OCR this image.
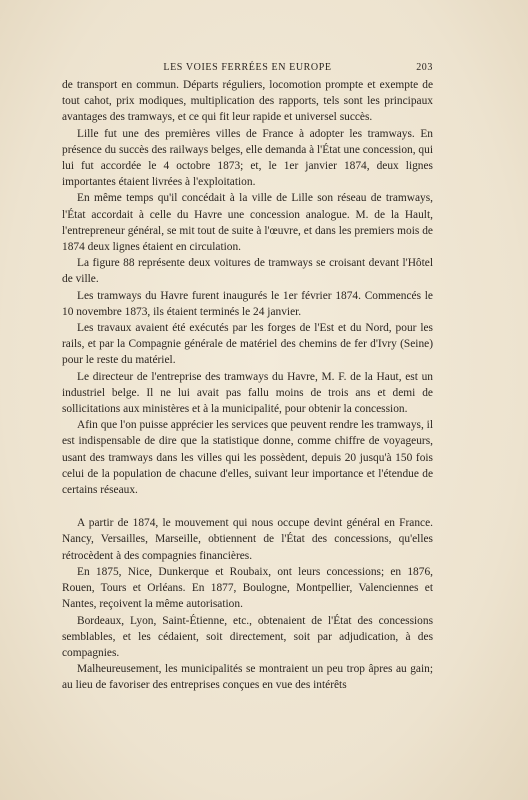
LES VOIES FERRÉES EN EUROPE	203

de transport en commun. Départs réguliers, locomotion prompte et exempte de tout cahot, prix modiques, multiplication des rapports, tels sont les principaux avantages des tramways, et ce qui fit leur rapide et universel succès.

Lille fut une des premières villes de France à adopter les tramways. En présence du succès des railways belges, elle demanda à l'État une concession, qui lui fut accordée le 4 octobre 1873; et, le 1er janvier 1874, deux lignes importantes étaient livrées à l'exploitation.

En même temps qu'il concédait à la ville de Lille son réseau de tramways, l'État accordait à celle du Havre une concession analogue. M. de la Hault, l'entrepreneur général, se mit tout de suite à l'œuvre, et dans les premiers mois de 1874 deux lignes étaient en circulation.

La figure 88 représente deux voitures de tramways se croisant devant l'Hôtel de ville.

Les tramways du Havre furent inaugurés le 1er février 1874. Commencés le 10 novembre 1873, ils étaient terminés le 24 janvier.

Les travaux avaient été exécutés par les forges de l'Est et du Nord, pour les rails, et par la Compagnie générale de matériel des chemins de fer d'Ivry (Seine) pour le reste du matériel.

Le directeur de l'entreprise des tramways du Havre, M. F. de la Haut, est un industriel belge. Il ne lui avait pas fallu moins de trois ans et demi de sollicitations aux ministères et à la municipalité, pour obtenir la concession.

Afin que l'on puisse apprécier les services que peuvent rendre les tramways, il est indispensable de dire que la statistique donne, comme chiffre de voyageurs, usant des tramways dans les villes qui les possèdent, depuis 20 jusqu'à 150 fois celui de la population de chacune d'elles, suivant leur importance et l'étendue de certains réseaux.

A partir de 1874, le mouvement qui nous occupe devint général en France. Nancy, Versailles, Marseille, obtiennent de l'État des concessions, qu'elles rétrocèdent à des compagnies financières.

En 1875, Nice, Dunkerque et Roubaix, ont leurs concessions; en 1876, Rouen, Tours et Orléans. En 1877, Boulogne, Montpellier, Valenciennes et Nantes, reçoivent la même autorisation.

Bordeaux, Lyon, Saint-Étienne, etc., obtenaient de l'État des concessions semblables, et les cédaient, soit directement, soit par adjudication, à des compagnies.

Malheureusement, les municipalités se montraient un peu trop âpres au gain; au lieu de favoriser des entreprises conçues en vue des intérêts
